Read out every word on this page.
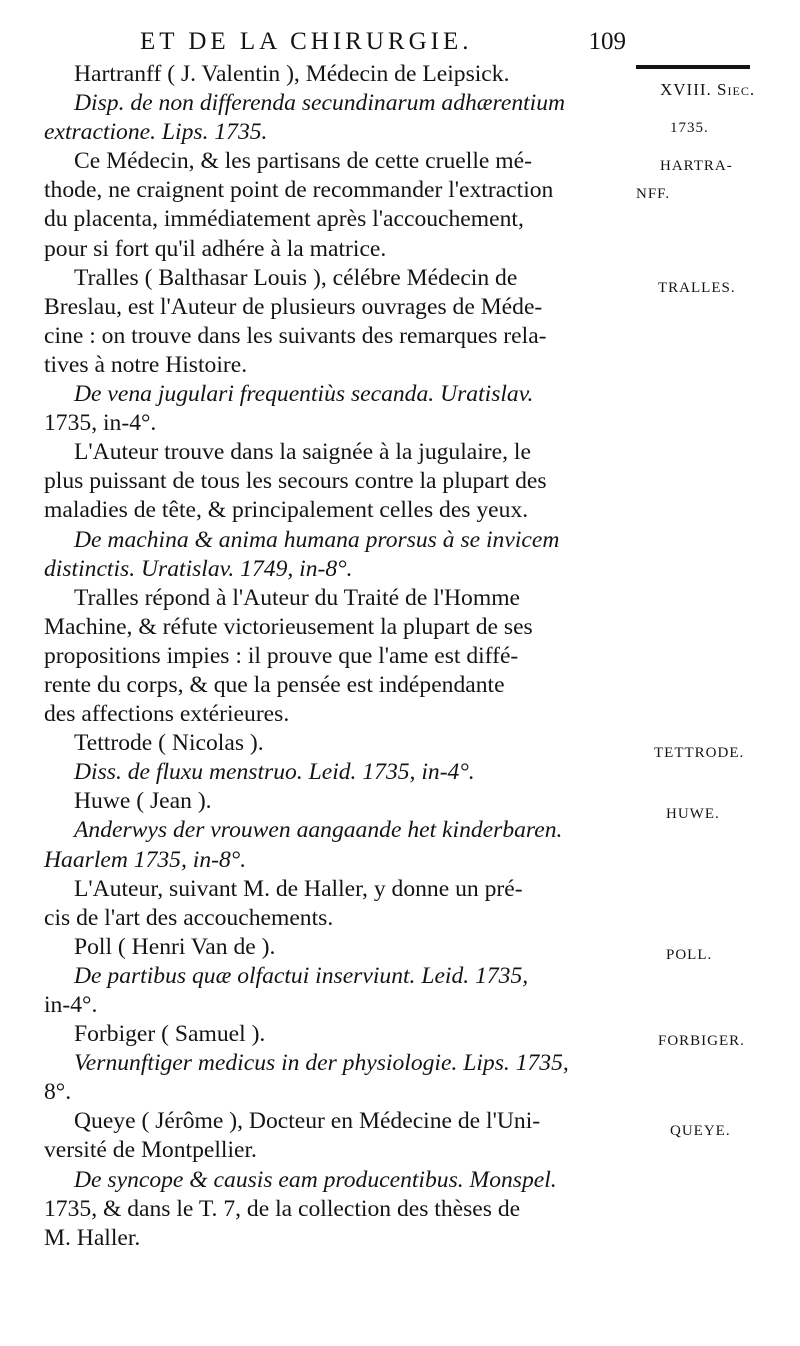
ET DE LA CHIRURGIE.	109
Hartranff ( J. Valentin ), Médecin de Leipsick.
Disp. de non differenda secundinarum adhærentium
extractione. Lips. 1735.
Ce Médecin, & les partisans de cette cruelle mé-
thode, ne craignent point de recommander l'extraction
du placenta, immédiatement après l'accouchement,
pour si fort qu'il adhére à la matrice.
Tralles ( Balthasar Louis ), célébre Médecin de
Breslau, est l'Auteur de plusieurs ouvrages de Méde-
cine : on trouve dans les suivants des remarques rela-
tives à notre Histoire.
De vena jugulari frequentiùs secanda. Uratislav.
1735, in-4°.
L'Auteur trouve dans la saignée à la jugulaire, le
plus puissant de tous les secours contre la plupart des
maladies de tête, & principalement celles des yeux.
De machina & anima humana prorsus à se invicem
distinctis. Uratislav. 1749, in-8°.
Tralles répond à l'Auteur du Traité de l'Homme
Machine, & réfute victorieusement la plupart de ses
propositions impies : il prouve que l'ame est diffé-
rente du corps, & que la pensée est indépendante
des affections extérieures.
Tettrode ( Nicolas ).
Diss. de fluxu menstruo. Leid. 1735, in-4°.
Huwe ( Jean ).
Anderwys der vrouwen aangaande het kinderbaren.
Haarlem 1735, in-8°.
L'Auteur, suivant M. de Haller, y donne un pré-
cis de l'art des accouchements.
Poll ( Henri Van de ).
De partibus quæ olfactui inserviunt. Leid. 1735,
in-4°.
Forbiger ( Samuel ).
Vernunftiger medicus in der physiologie. Lips. 1735,
8°.
Queye ( Jérôme ), Docteur en Médecine de l'Uni-
versité de Montpellier.
De syncope & causis eam producentibus. Monspel.
1735, & dans le T. 7, de la collection des thèses de
M. Haller.
XVIII. Siec.
1735.
HARTRA-
NFF.
TRALLES.
TETTRODE.
HUWE.
POLL.
FORBIGER.
QUEYE.
